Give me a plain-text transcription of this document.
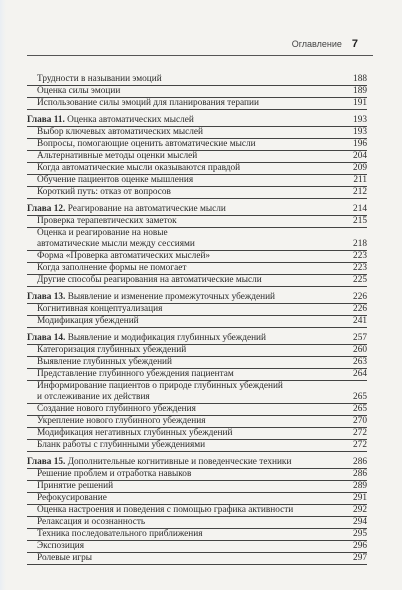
Оглавление 7
Трудности в назывании эмоций	188
Оценка силы эмоции	189
Использование силы эмоций для планирования терапии	191
Глава 11. Оценка автоматических мыслей	193
Выбор ключевых автоматических мыслей	193
Вопросы, помогающие оценить автоматические мысли	196
Альтернативные методы оценки мыслей	204
Когда автоматические мысли оказываются правдой	209
Обучение пациентов оценке мышления	211
Короткий путь: отказ от вопросов	212
Глава 12. Реагирование на автоматические мысли	214
Проверка терапевтических заметок	215
Оценка и реагирование на новые
автоматические мысли между сессиями	218
Форма «Проверка автоматических мыслей»	223
Когда заполнение формы не помогает	223
Другие способы реагирования на автоматические мысли	225
Глава 13. Выявление и изменение промежуточных убеждений	226
Когнитивная концептуализация	226
Модификация убеждений	241
Глава 14. Выявление и модификация глубинных убеждений	257
Категоризация глубинных убеждений	260
Выявление глубинных убеждений	263
Представление глубинного убеждения пациентам	264
Информирование пациентов о природе глубинных убеждений
и отслеживание их действия	265
Создание нового глубинного убеждения	265
Укрепление нового глубинного убеждения	270
Модификация негативных глубинных убеждений	272
Бланк работы с глубинными убеждениями	272
Глава 15. Дополнительные когнитивные и поведенческие техники	286
Решение проблем и отработка навыков	286
Принятие решений	289
Рефокусирование	291
Оценка настроения и поведения с помощью графика активности	292
Релаксация и осознанность	294
Техника последовательного приближения	295
Экспозиция	296
Ролевые игры	297
